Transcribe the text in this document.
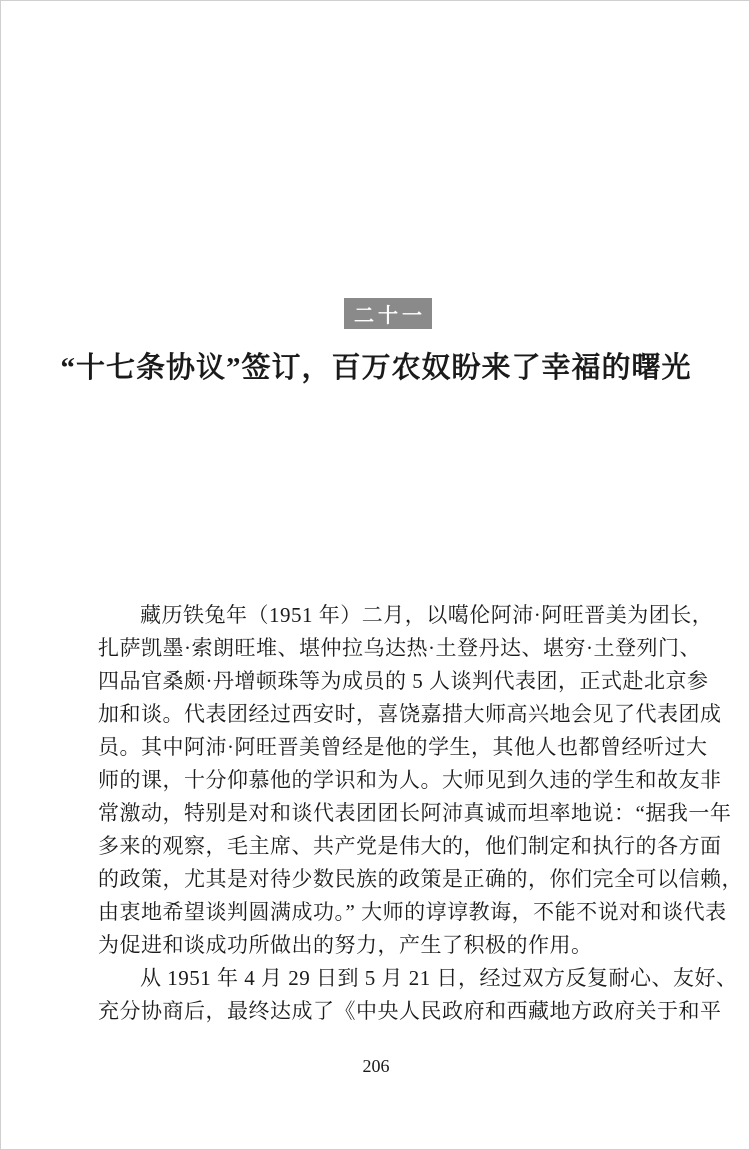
二十一
“十七条协议”签订，百万农奴盼来了幸福的曙光
藏历铁兔年（1951 年）二月，以噶伦阿沛·阿旺晋美为团长，
扎萨凯墨·索朗旺堆、堪仲拉乌达热·土登丹达、堪穷·土登列门、
四品官桑颇·丹增顿珠等为成员的 5 人谈判代表团，正式赴北京参
加和谈。代表团经过西安时，喜饶嘉措大师高兴地会见了代表团成
员。其中阿沛·阿旺晋美曾经是他的学生，其他人也都曾经听过大
师的课，十分仰慕他的学识和为人。大师见到久违的学生和故友非
常激动，特别是对和谈代表团团长阿沛真诚而坦率地说：“据我一年
多来的观察，毛主席、共产党是伟大的，他们制定和执行的各方面
的政策，尤其是对待少数民族的政策是正确的，你们完全可以信赖，
由衷地希望谈判圆满成功。” 大师的谆谆教诲，不能不说对和谈代表
为促进和谈成功所做出的努力，产生了积极的作用。
从 1951 年 4 月 29 日到 5 月 21 日，经过双方反复耐心、友好、
充分协商后，最终达成了《中央人民政府和西藏地方政府关于和平
206
